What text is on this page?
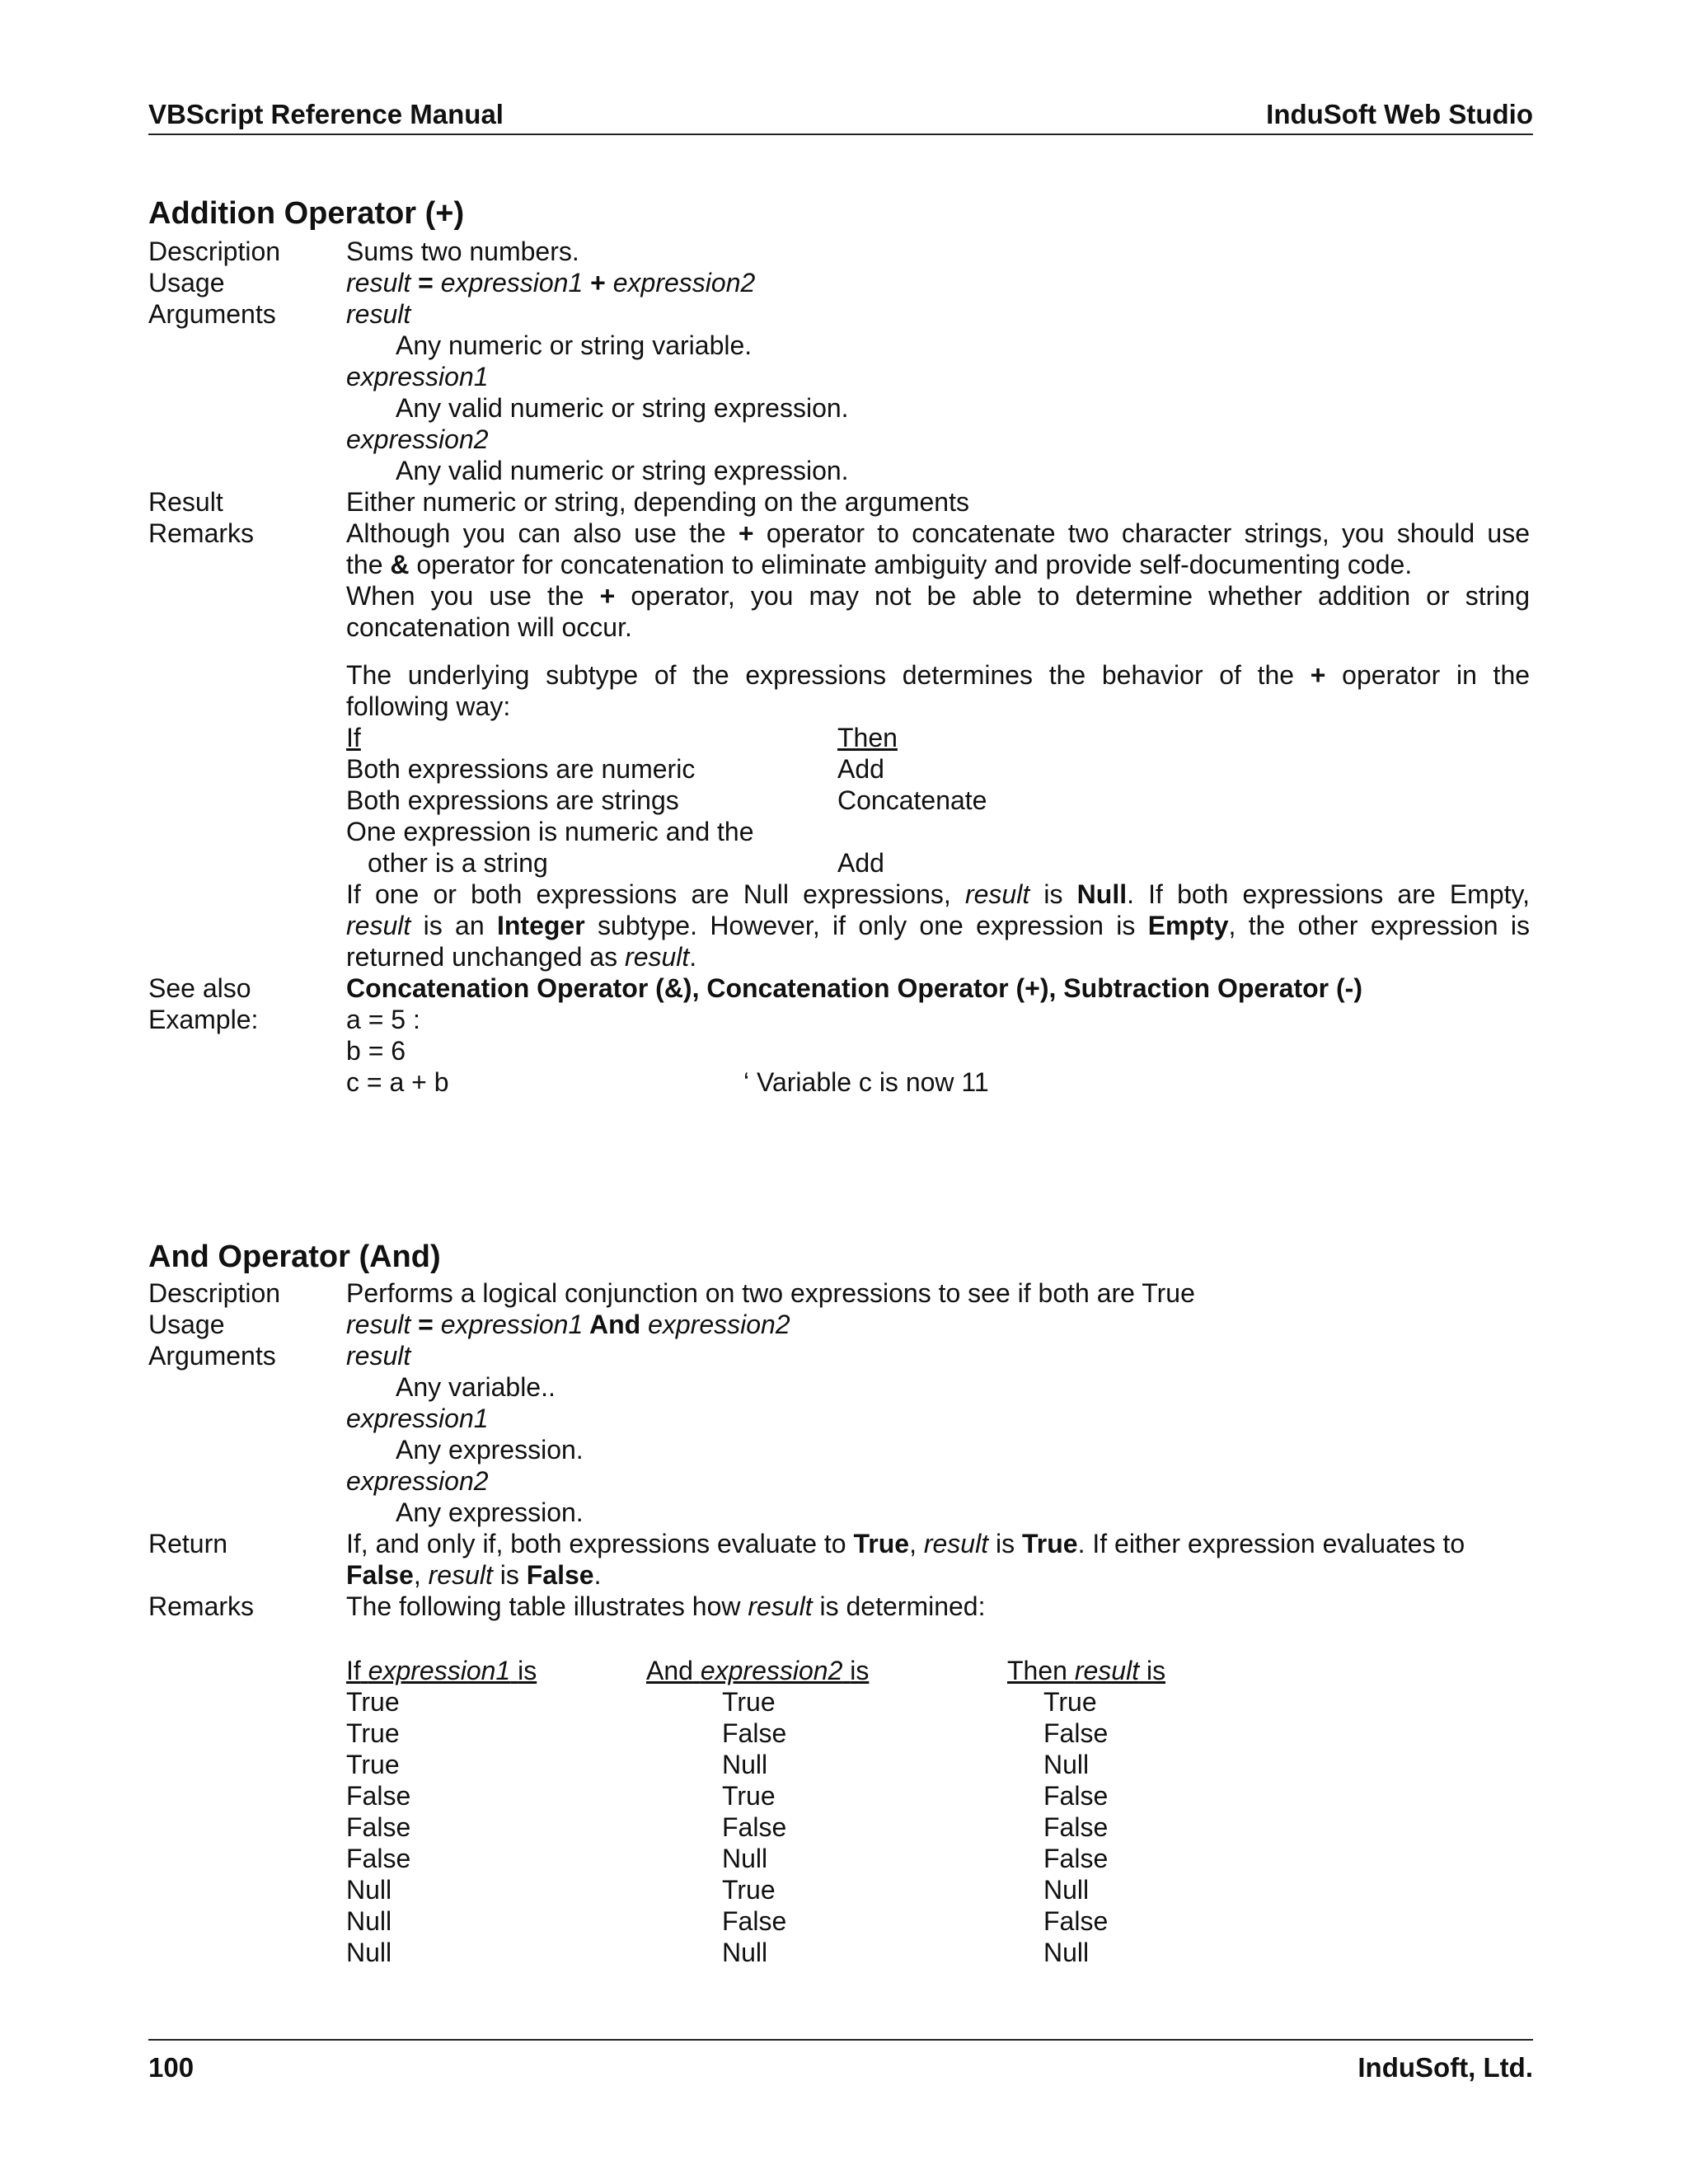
VBScript Reference Manual	InduSoft Web Studio
Addition Operator (+)
Description Sums two numbers.
Usage	result = expression1 + expression2
Arguments	result
Any numeric or string variable.
expression1
Any valid numeric or string expression.
expression2
Any valid numeric or string expression.
Result	Either numeric or string, depending on the arguments
Remarks	Although you can also use the + operator to concatenate two character strings, you should use
the & operator for concatenation to eliminate ambiguity and provide self-documenting code.
When you use the + operator, you may not be able to determine whether addition or string
concatenation will occur.
The underlying subtype of the expressions determines the behavior of the + operator in the
following way:
If	Then
Both expressions are numeric	Add
Both expressions are strings	Concatenate
One expression is numeric and the
other is a string	Add
If one or both expressions are Null expressions, result is Null. If both expressions are Empty,
result is an Integer subtype. However, if only one expression is Empty, the other expression is
returned unchanged as result.
See also	Concatenation Operator (&), Concatenation Operator (+), Subtraction Operator (-)
Example:	a = 5 :
b = 6
c = a + b	‘ Variable c is now 11
And Operator (And)
Description Performs a logical conjunction on two expressions to see if both are True
Usage	result = expression1 And expression2
Arguments	result
Any variable..
expression1
Any expression.
expression2
Any expression.
Return	If, and only if, both expressions evaluate to True, result is True. If either expression evaluates to
False, result is False.
Remarks	The following table illustrates how result is determined:
If expression1 is	And expression2 is	Then result is
True	True	True
True	False	False
True	Null	Null
False	True	False
False	False	False
False	Null	False
Null	True	Null
Null	False	False
Null	Null	Null
100	InduSoft, Ltd.
